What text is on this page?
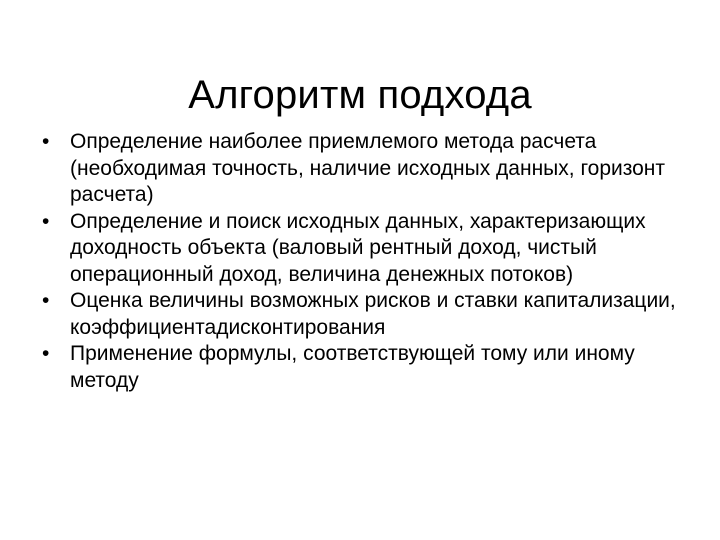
Алгоритм подхода
• Определение наиболее приемлемого метода расчета (необходимая точность, наличие исходных данных, горизонт расчета)
• Определение и поиск исходных данных, характеризающих доходность объекта (валовый рентный доход, чистый операционный доход, величина денежных потоков)
• Оценка величины возможных рисков и ставки капитализации, коэффициентадисконтирования
• Применение формулы, соответствующей тому или иному методу
